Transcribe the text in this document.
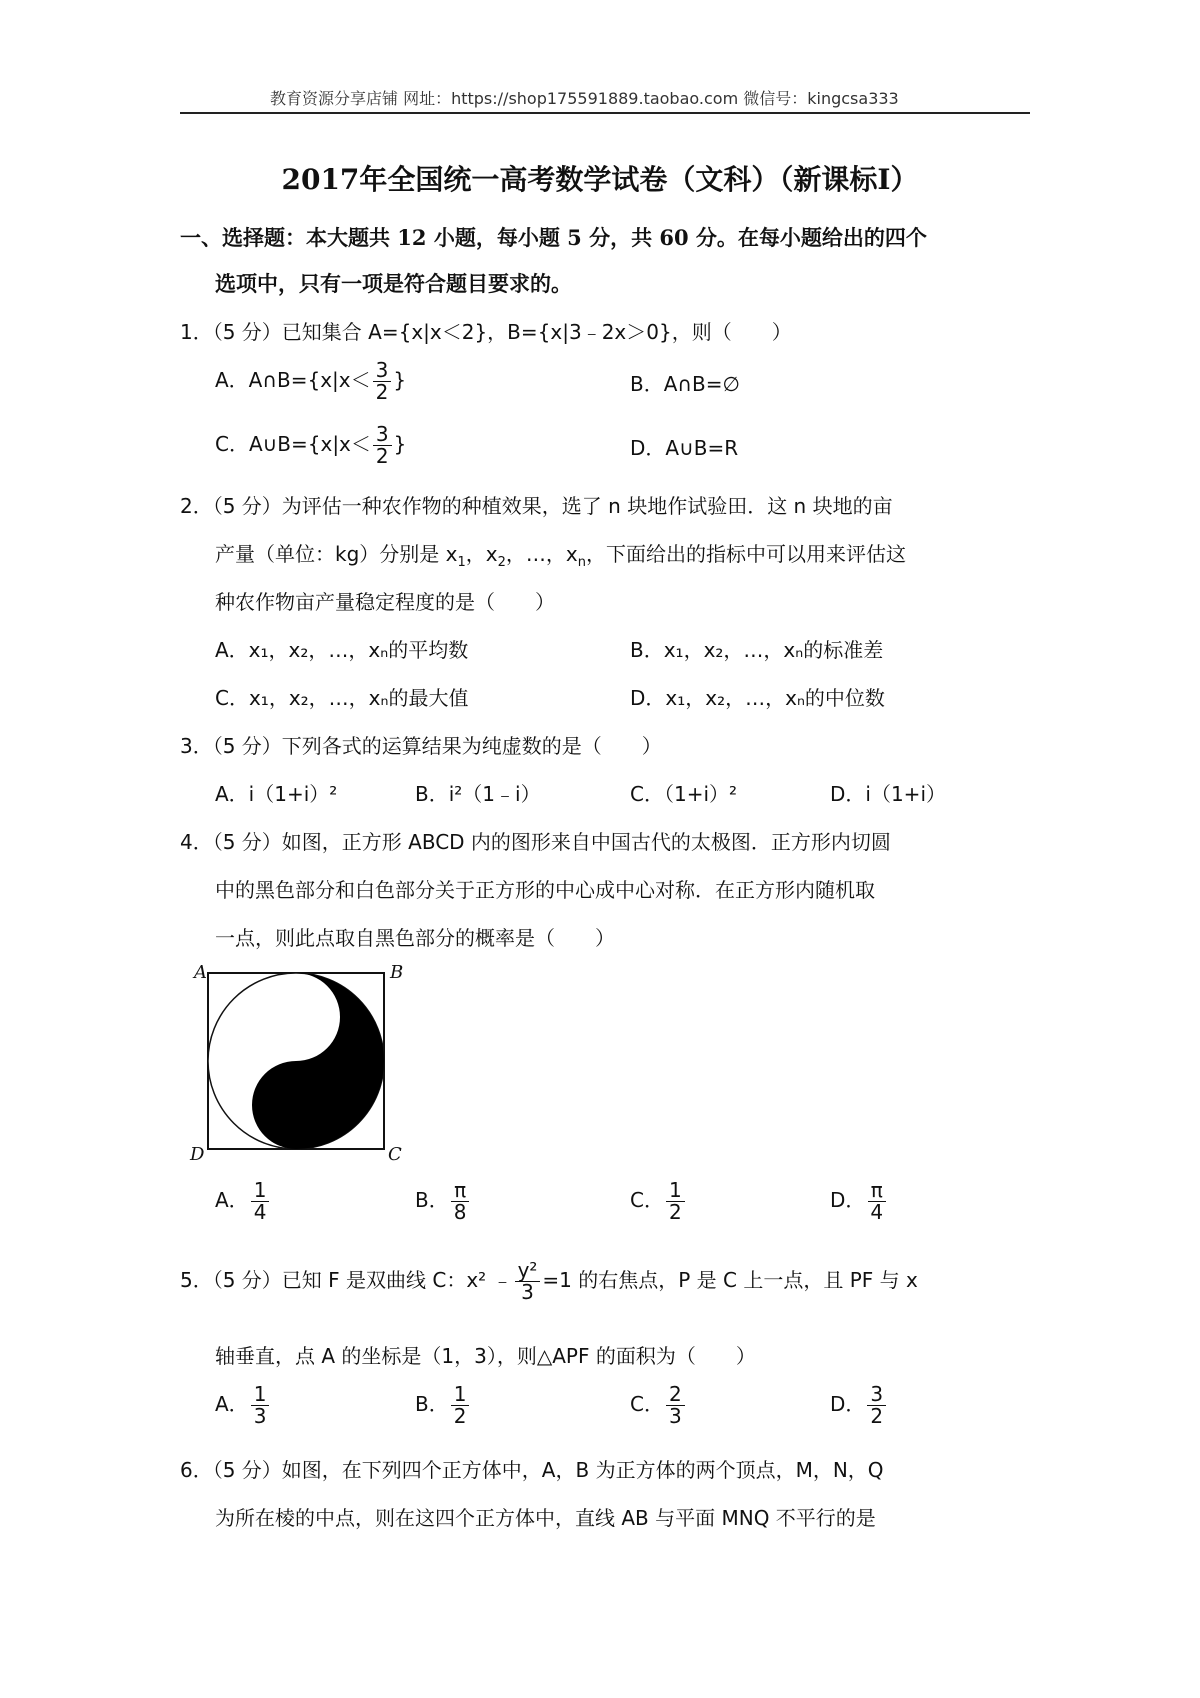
教育资源分享店铺 网址：https://shop175591889.taobao.com 微信号：kingcsa333
2017年全国统一高考数学试卷（文科）（新课标Ⅰ）
一、选择题：本大题共 12 小题，每小题 5 分，共 60 分。在每小题给出的四个
选项中，只有一项是符合题目要求的。
1．（5 分）已知集合 A={x|x＜2}，B={x|3﹣2x＞0}，则（　　）
A．A∩B={x|x＜ $\frac{3}{2}$ }	B．A∩B=∅
C．A∪B={x|x＜ $\frac{3}{2}$ }	D．A∪B=R
2．（5 分）为评估一种农作物的种植效果，选了 n 块地作试验田．这 n 块地的亩
产量（单位：kg）分别是 $x_1$，$x_2$，…，$x_n$，下面给出的指标中可以用来评估这
种农作物亩产量稳定程度的是（　　）
A．x₁，x₂，…，xₙ的平均数	B．x₁，x₂，…，xₙ的标准差
C．x₁，x₂，…，xₙ的最大值	D．x₁，x₂，…，xₙ的中位数
3．（5 分）下列各式的运算结果为纯虚数的是（　　）
A．i（1+i）²	B．i²（1﹣i）	C．（1+i）²	D．i（1+i）
4．（5 分）如图，正方形 ABCD 内的图形来自中国古代的太极图．正方形内切圆
中的黑色部分和白色部分关于正方形的中心成中心对称．在正方形内随机取
一点，则此点取自黑色部分的概率是（　　）
A	B
C
D
A． $\frac{1}{4}$	B． $\frac{\pi}{8}$	C． $\frac{1}{2}$	D． $\frac{\pi}{4}$
5．（5 分）已知 F 是双曲线 C：x² ﹣ $\frac{\text{y²}}{3} =1$ 的右焦点，P 是 C 上一点，且 PF 与 x
轴垂直，点 A 的坐标是（1，3），则△APF 的面积为（　　）
A． $\frac{1}{3}$	B． $\frac{1}{2}$	C． $\frac{2}{3}$	D． $\frac{3}{2}$
6．（5 分）如图，在下列四个正方体中，A，B 为正方体的两个顶点，M，N，Q
为所在棱的中点，则在这四个正方体中，直线 AB 与平面 MNQ 不平行的是
